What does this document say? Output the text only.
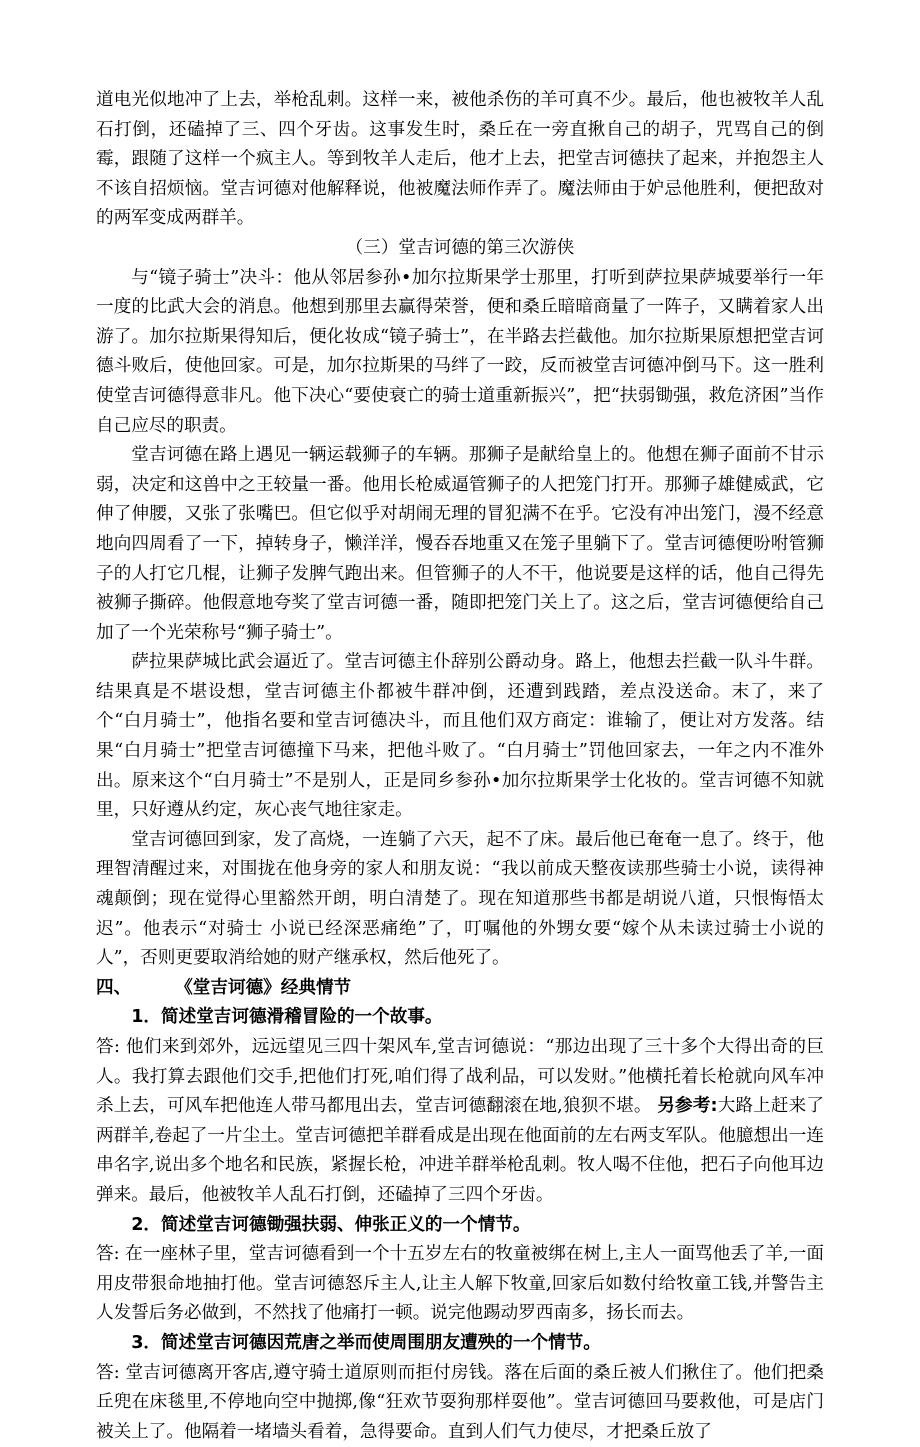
道电光似地冲了上去，举枪乱刺。这样一来，被他杀伤的羊可真不少。最后，他也被牧羊人乱石打倒，还磕掉了三、四个牙齿。这事发生时，桑丘在一旁直揪自己的胡子，咒骂自己的倒霉，跟随了这样一个疯主人。等到牧羊人走后，他才上去，把堂吉诃德扶了起来，并抱怨主人不该自招烦恼。堂吉诃德对他解释说，他被魔法师作弄了。魔法师由于妒忌他胜利，便把敌对的两军变成两群羊。

（三）堂吉诃德的第三次游侠

与“镜子骑士”决斗：他从邻居参孙•加尔拉斯果学士那里，打听到萨拉果萨城要举行一年一度的比武大会的消息。他想到那里去赢得荣誉，便和桑丘暗暗商量了一阵子，又瞒着家人出游了。加尔拉斯果得知后，便化妆成“镜子骑士”，在半路去拦截他。加尔拉斯果原想把堂吉诃德斗败后，使他回家。可是，加尔拉斯果的马绊了一跤，反而被堂吉诃德冲倒马下。这一胜利使堂吉诃德得意非凡。他下决心“要使衰亡的骑士道重新振兴”，把“扶弱锄强，救危济困”当作自己应尽的职责。

堂吉诃德在路上遇见一辆运载狮子的车辆。那狮子是献给皇上的。他想在狮子面前不甘示弱，决定和这兽中之王较量一番。他用长枪威逼管狮子的人把笼门打开。那狮子雄健威武，它伸了伸腰，又张了张嘴巴。但它似乎对胡闹无理的冒犯满不在乎。它没有冲出笼门，漫不经意地向四周看了一下，掉转身子，懒洋洋，慢吞吞地重又在笼子里躺下了。堂吉诃德便吩咐管狮子的人打它几棍，让狮子发脾气跑出来。但管狮子的人不干，他说要是这样的话，他自己得先被狮子撕碎。他假意地夸奖了堂吉诃德一番，随即把笼门关上了。这之后，堂吉诃德便给自己加了一个光荣称号“狮子骑士”。

萨拉果萨城比武会逼近了。堂吉诃德主仆辞别公爵动身。路上，他想去拦截一队斗牛群。结果真是不堪设想，堂吉诃德主仆都被牛群冲倒，还遭到践踏，差点没送命。末了，来了个“白月骑士”，他指名要和堂吉诃德决斗，而且他们双方商定：谁输了，便让对方发落。结果“白月骑士”把堂吉诃德撞下马来，把他斗败了。“白月骑士”罚他回家去，一年之内不准外出。原来这个“白月骑士”不是别人，正是同乡参孙•加尔拉斯果学士化妆的。堂吉诃德不知就里，只好遵从约定，灰心丧气地往家走。

堂吉诃德回到家，发了高烧，一连躺了六天，起不了床。最后他已奄奄一息了。终于，他理智清醒过来，对围拢在他身旁的家人和朋友说：“我以前成天整夜读那些骑士小说，读得神魂颠倒；现在觉得心里豁然开朗，明白清楚了。现在知道那些书都是胡说八道，只恨悔悟太迟”。他表示“对骑士 小说已经深恶痛绝”了，叮嘱他的外甥女要“嫁个从未读过骑士小说的人”，否则更要取消给她的财产继承权，然后他死了。

四、	《堂吉诃德》经典情节

1．简述堂吉诃德滑稽冒险的一个故事。

答: 他们来到郊外，远远望见三四十架风车,堂吉诃德说：“那边出现了三十多个大得出奇的巨人。我打算去跟他们交手,把他们打死,咱们得了战利品，可以发财。”他横托着长枪就向风车冲杀上去，可风车把他连人带马都甩出去，堂吉诃德翻滚在地,狼狈不堪。 另参考:大路上赶来了两群羊,卷起了一片尘土。堂吉诃德把羊群看成是出现在他面前的左右两支军队。他臆想出一连串名字,说出多个地名和民族，紧握长枪，冲进羊群举枪乱刺。牧人喝不住他，把石子向他耳边弹来。最后，他被牧羊人乱石打倒，还磕掉了三四个牙齿。

2．简述堂吉诃德锄强扶弱、伸张正义的一个情节。

答: 在一座林子里，堂吉诃德看到一个十五岁左右的牧童被绑在树上,主人一面骂他丢了羊,一面用皮带狠命地抽打他。堂吉诃德怒斥主人,让主人解下牧童,回家后如数付给牧童工钱,并警告主人发誓后务必做到，不然找了他痛打一顿。说完他踢动罗西南多，扬长而去。

3．简述堂吉诃德因荒唐之举而使周围朋友遭殃的一个情节。

答: 堂吉诃德离开客店,遵守骑士道原则而拒付房钱。落在后面的桑丘被人们揪住了。他们把桑丘兜在床毯里,不停地向空中抛掷,像“狂欢节耍狗那样耍他”。堂吉诃德回马要救他，可是店门被关上了。他隔着一堵墙头看着，急得要命。直到人们气力使尽，才把桑丘放了
